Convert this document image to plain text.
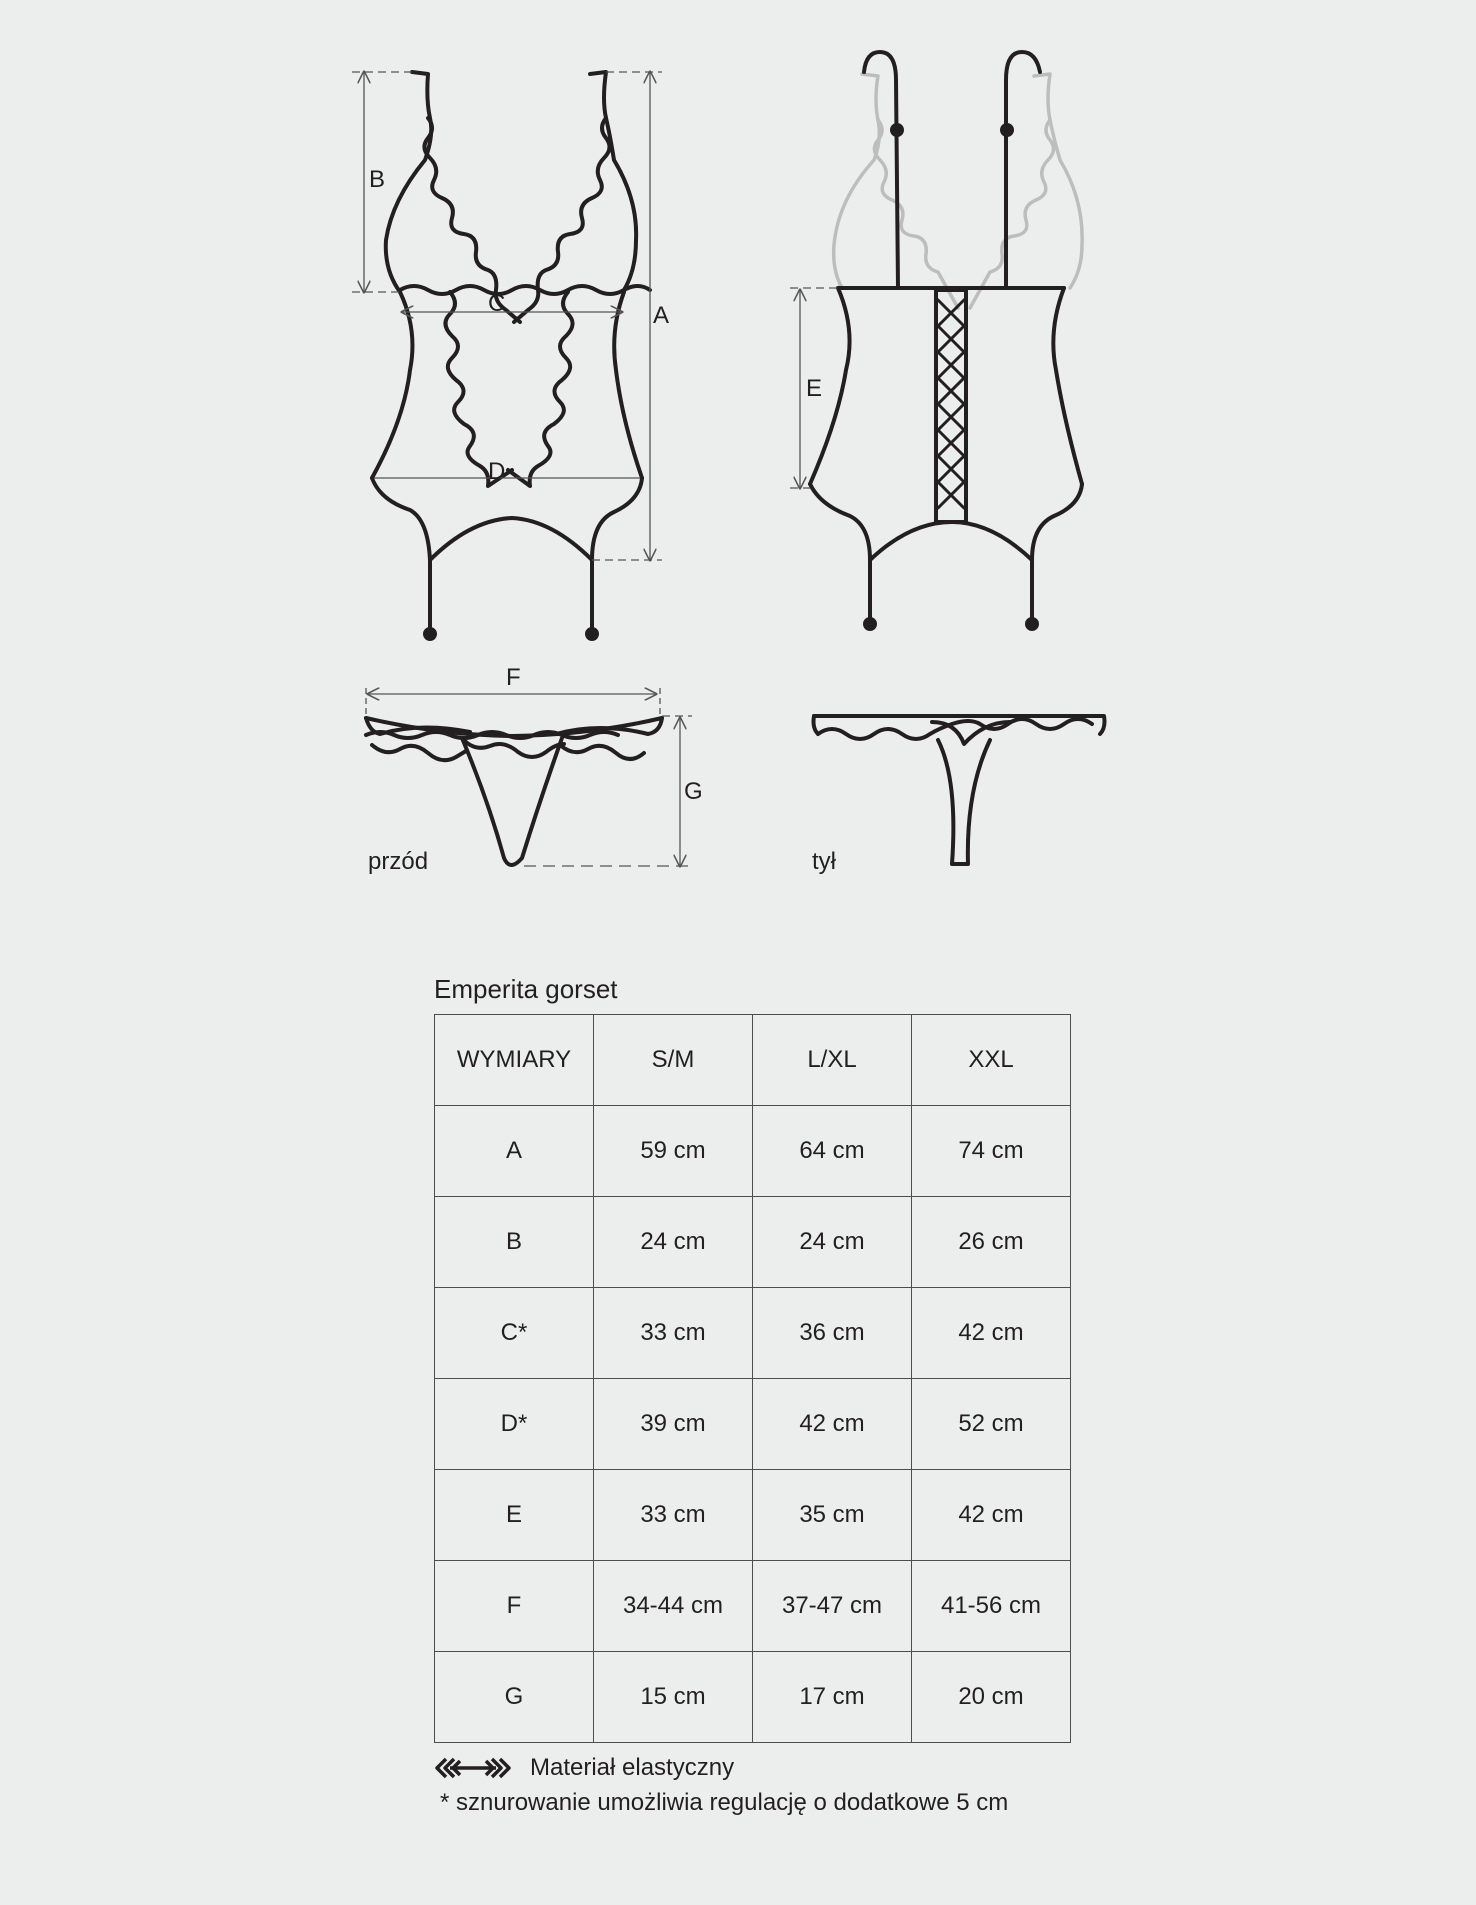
A
B
C
D
E
F
G
przód	tył
Emperita gorset
WYMIARY	S/M	L/XL	XXL
A	59 cm	64 cm	74 cm
B	24 cm	24 cm	26 cm
C*	33 cm	36 cm	42 cm
D*	39 cm	42 cm	52 cm
E	33 cm	35 cm	42 cm
F	34-44 cm	37-47 cm	41-56 cm
G	15 cm	17 cm	20 cm
Materiał elastyczny
* sznurowanie umożliwia regulację o dodatkowe 5 cm
